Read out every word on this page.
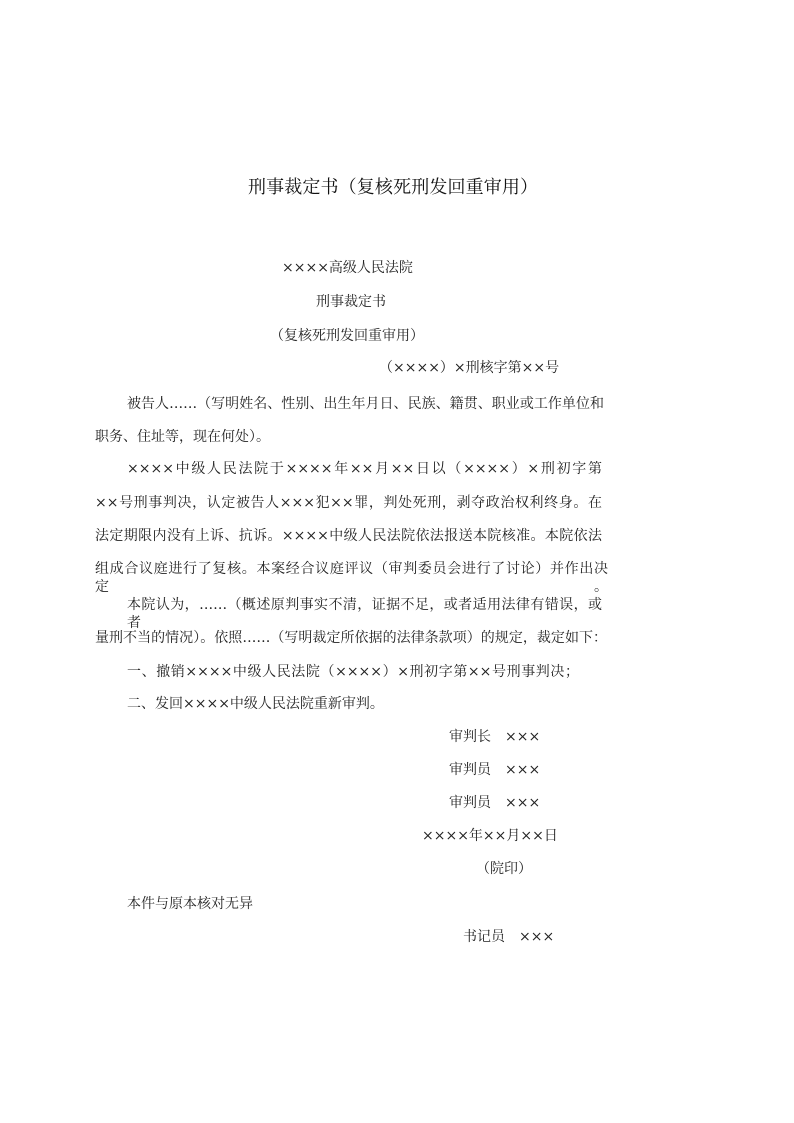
刑事裁定书（复核死刑发回重审用）
××××高级人民法院
刑事裁定书
（复核死刑发回重审用）
（××××）×刑核字第××号
被告人……（写明姓名、性别、出生年月日、民族、籍贯、职业或工作单位和
职务、住址等，现在何处）。
××××中级人民法院于××××年××月××日以（××××）×刑初字第
××号刑事判决，认定被告人×××犯××罪，判处死刑，剥夺政治权利终身。在
法定期限内没有上诉、抗诉。××××中级人民法院依法报送本院核准。本院依法
组成合议庭进行了复核。本案经合议庭评议（审判委员会进行了讨论）并作出决定。
本院认为，……（概述原判事实不清，证据不足，或者适用法律有错误，或者
量刑不当的情况）。依照……（写明裁定所依据的法律条款项）的规定，裁定如下：
一、撤销××××中级人民法院（××××）×刑初字第××号刑事判决；
二、发回××××中级人民法院重新审判。
审判长　×××
审判员　×××
审判员　×××
××××年××月××日
（院印）
本件与原本核对无异
书记员　×××
